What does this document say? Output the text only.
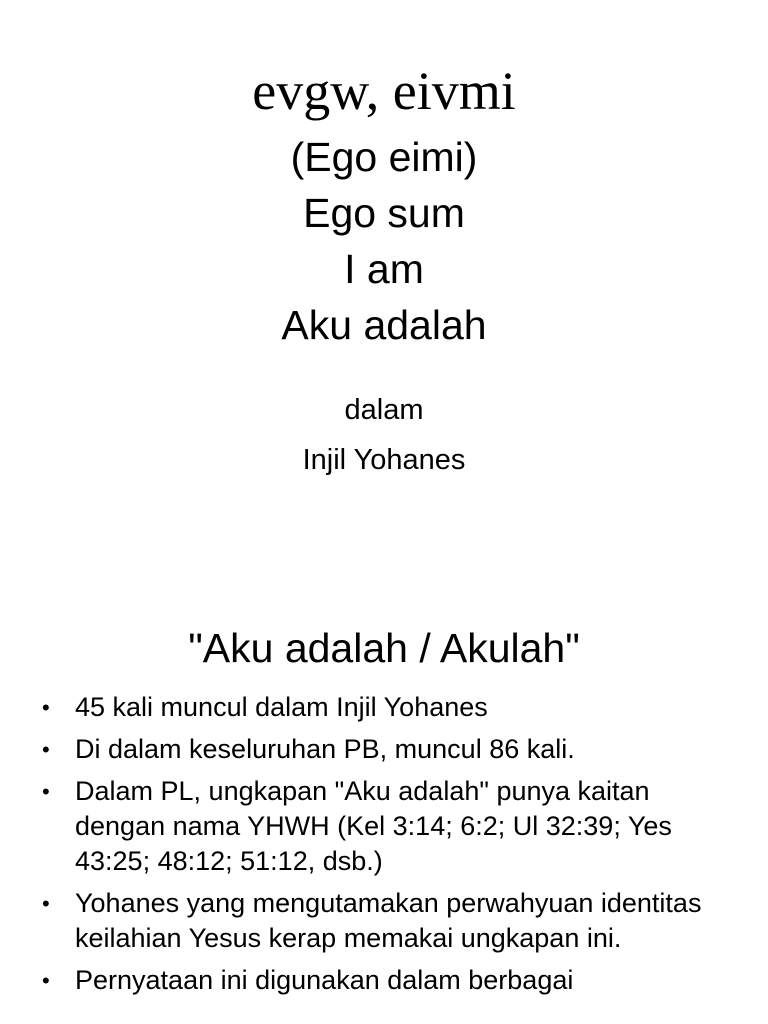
evgw, eivmi
(Ego eimi)
Ego sum
I am
Aku adalah
dalam
Injil Yohanes
"Aku adalah / Akulah"
• 45 kali muncul dalam Injil Yohanes
• Di dalam keseluruhan PB, muncul 86 kali.
• Dalam PL, ungkapan "Aku adalah" punya kaitan dengan nama YHWH (Kel 3:14; 6:2; Ul 32:39; Yes 43:25; 48:12; 51:12, dsb.)
• Yohanes yang mengutamakan perwahyuan identitas keilahian Yesus kerap memakai ungkapan ini.
• Pernyataan ini digunakan dalam berbagai
